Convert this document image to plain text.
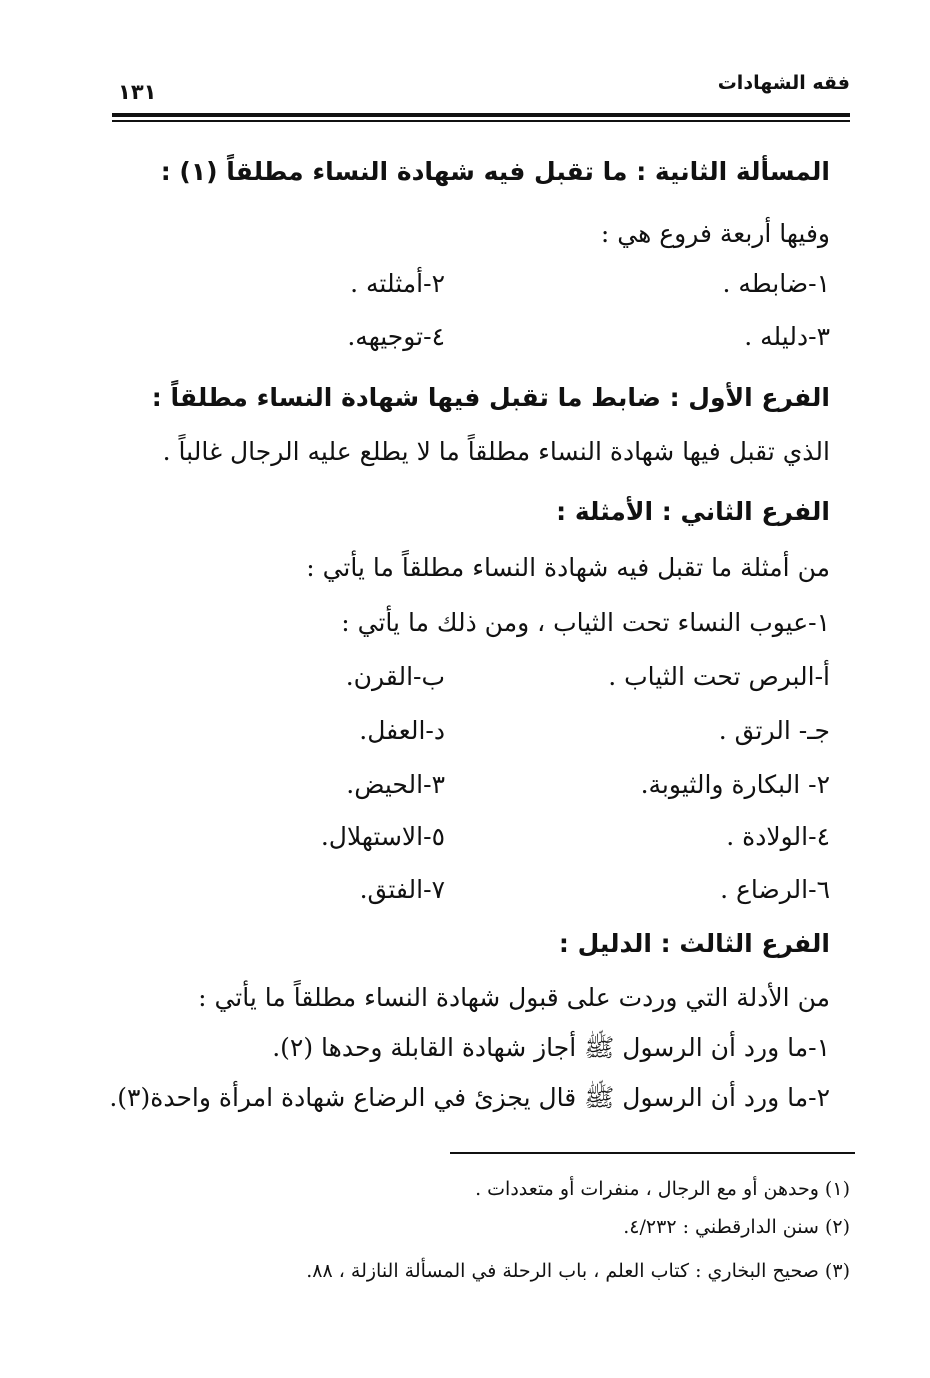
فقه الشهادات
١٣١
المسألة الثانية : ما تقبل فيه شهادة النساء مطلقاً (١) :
وفيها أربعة فروع هي :
١-ضابطه .
٢-أمثلته .
٣-دليله .
٤-توجيهه.
الفرع الأول : ضابط ما تقبل فيها شهادة النساء مطلقاً :
الذي تقبل فيها شهادة النساء مطلقاً ما لا يطلع عليه الرجال غالباً .
الفرع الثاني : الأمثلة :
من أمثلة ما تقبل فيه شهادة النساء مطلقاً ما يأتي :
١-عيوب النساء تحت الثياب ، ومن ذلك ما يأتي :
أ-البرص تحت الثياب .
ب-القرن.
جـ- الرتق .
د-العفل.
٢- البكارة والثيوبة.
٣-الحيض.
٤-الولادة .
٥-الاستهلال.
٦-الرضاع .
٧-الفتق.
الفرع الثالث : الدليل :
من الأدلة التي وردت على قبول شهادة النساء مطلقاً ما يأتي :
١-ما ورد أن الرسول ﷺ أجاز شهادة القابلة وحدها (٢).
٢-ما ورد أن الرسول ﷺ قال يجزئ في الرضاع شهادة امرأة واحدة(٣).
(١) وحدهن أو مع الرجال ، منفرات أو متعددات .
(٢) سنن الدارقطني : ٤/٢٣٢.
(٣) صحيح البخاري : كتاب العلم ، باب الرحلة في المسألة النازلة ، ٨٨.
